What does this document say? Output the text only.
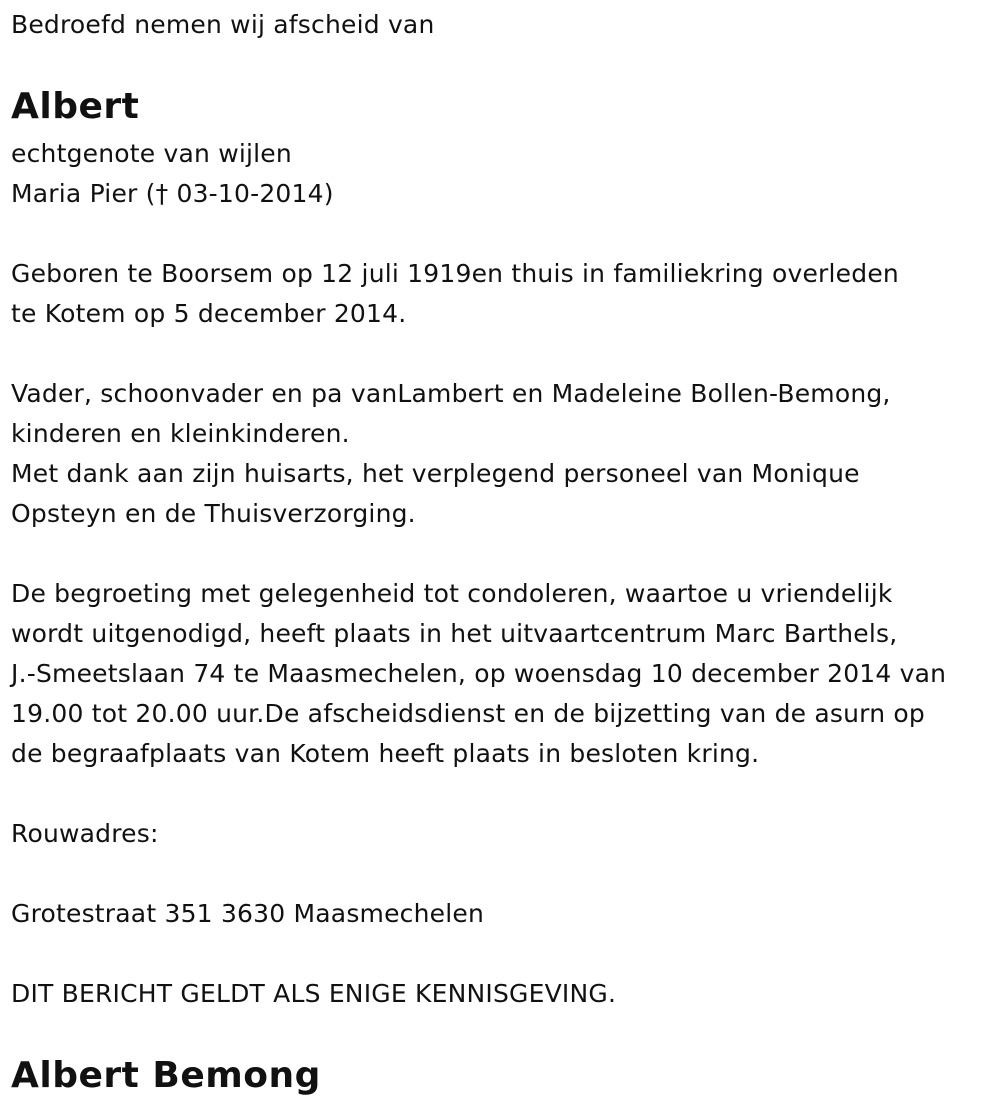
Bedroefd nemen wij afscheid van
Albert
echtgenote van wijlen
Maria Pier († 03-10-2014)
Geboren te Boorsem op 12 juli 1919en thuis in familiekring overleden
te Kotem op 5 december 2014.
Vader, schoonvader en pa vanLambert en Madeleine Bollen-Bemong,
kinderen en kleinkinderen.
Met dank aan zijn huisarts, het verplegend personeel van Monique
Opsteyn en de Thuisverzorging.
De begroeting met gelegenheid tot condoleren, waartoe u vriendelijk
wordt uitgenodigd, heeft plaats in het uitvaartcentrum Marc Barthels,
J.-Smeetslaan 74 te Maasmechelen, op woensdag 10 december 2014 van
19.00 tot 20.00 uur.De afscheidsdienst en de bijzetting van de asurn op
de begraafplaats van Kotem heeft plaats in besloten kring.
Rouwadres:
Grotestraat 351 3630 Maasmechelen
DIT BERICHT GELDT ALS ENIGE KENNISGEVING.
Albert Bemong
